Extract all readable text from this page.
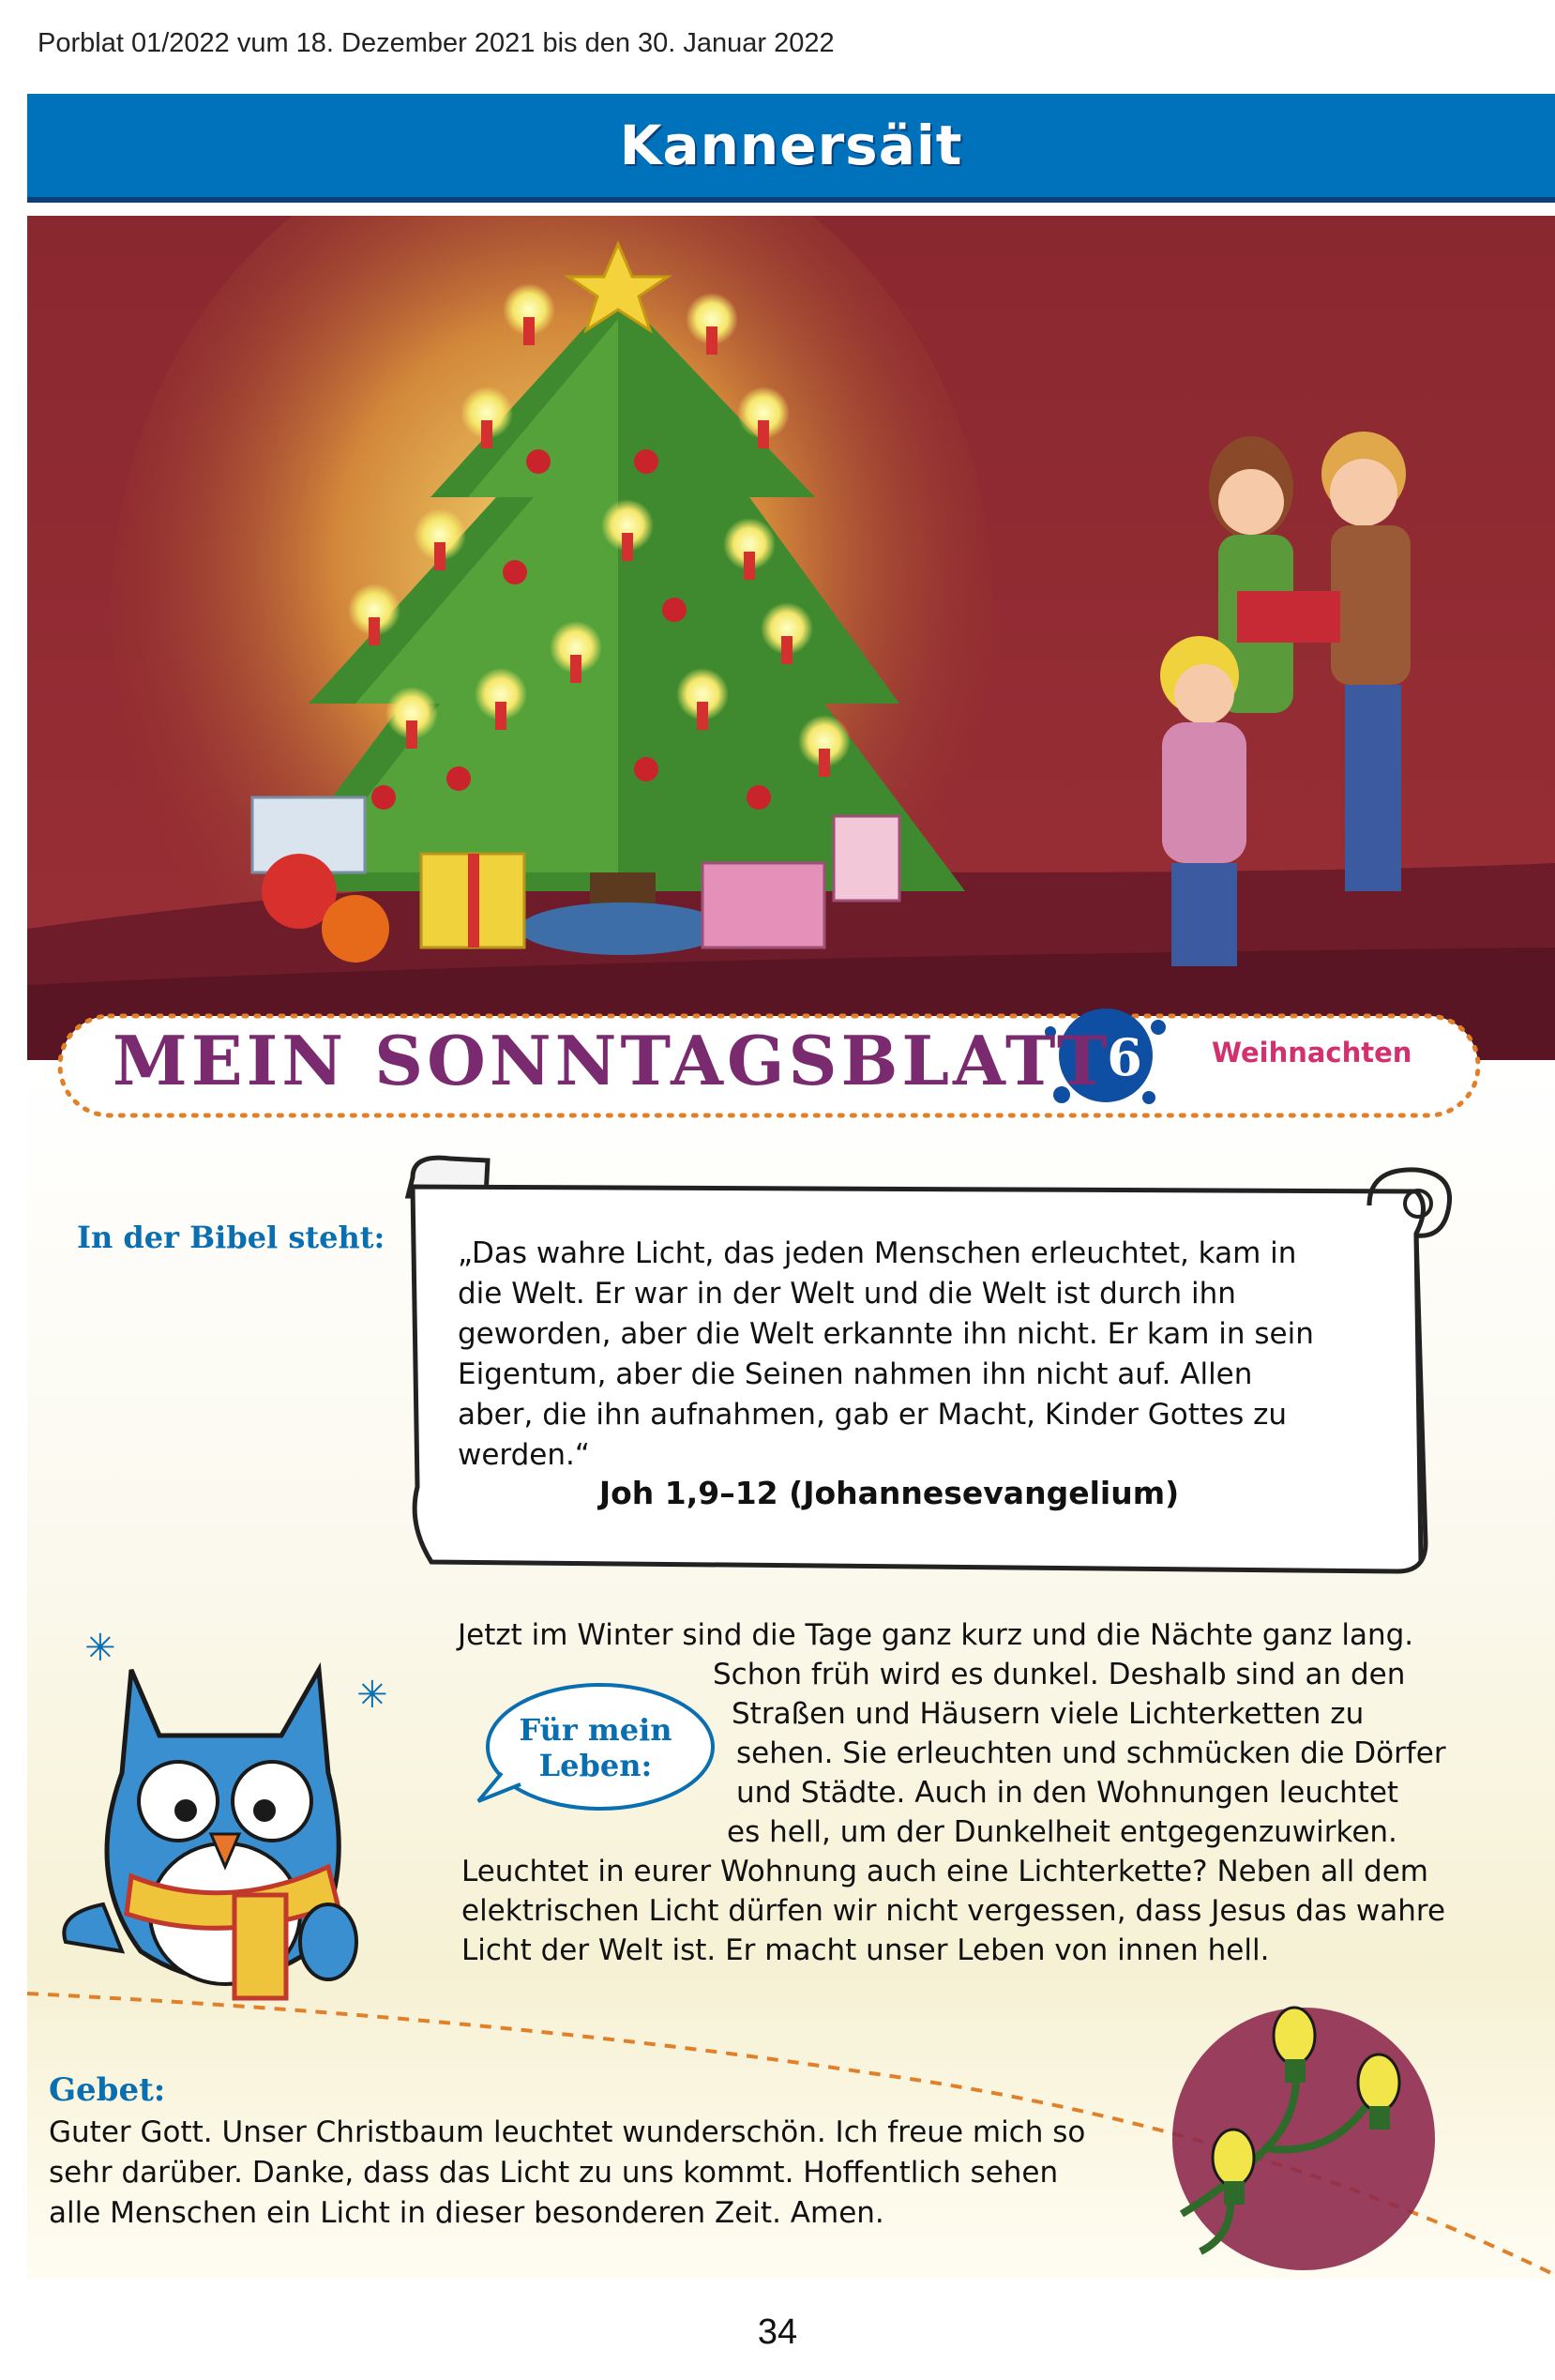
Porblat 01/2022 vum 18. Dezember 2021 bis den 30. Januar 2022
Kannersäit
MEIN SONNTAGSBLATT
6	Weihnachten
In der Bibel steht:	„Das wahre Licht, das jeden Menschen erleuchtet, kam in die Welt. Er war in der Welt und die Welt ist durch ihn geworden, aber die Welt erkannte ihn nicht. Er kam in sein Eigentum, aber die Seinen nahmen ihn nicht auf. Allen aber, die ihn aufnahmen, gab er Macht, Kinder Gottes zu werden.“
Joh 1,9–12 (Johannesevangelium)
✳
✳
Für mein
Leben:
Jetzt im Winter sind die Tage ganz kurz und die Nächte ganz lang.
Schon früh wird es dunkel. Deshalb sind an den
Straßen und Häusern viele Lichterketten zu
sehen. Sie erleuchten und schmücken die Dörfer
und Städte. Auch in den Wohnungen leuchtet
es hell, um der Dunkelheit entgegenzuwirken.
Leuchtet in eurer Wohnung auch eine Lichterkette? Neben all dem
elektrischen Licht dürfen wir nicht vergessen, dass Jesus das wahre
Licht der Welt ist. Er macht unser Leben von innen hell.
Gebet:
Guter Gott. Unser Christbaum leuchtet wunderschön. Ich freue mich so sehr darüber. Danke, dass das Licht zu uns kommt. Hoffentlich sehen alle Menschen ein Licht in dieser besonderen Zeit. Amen.
34
